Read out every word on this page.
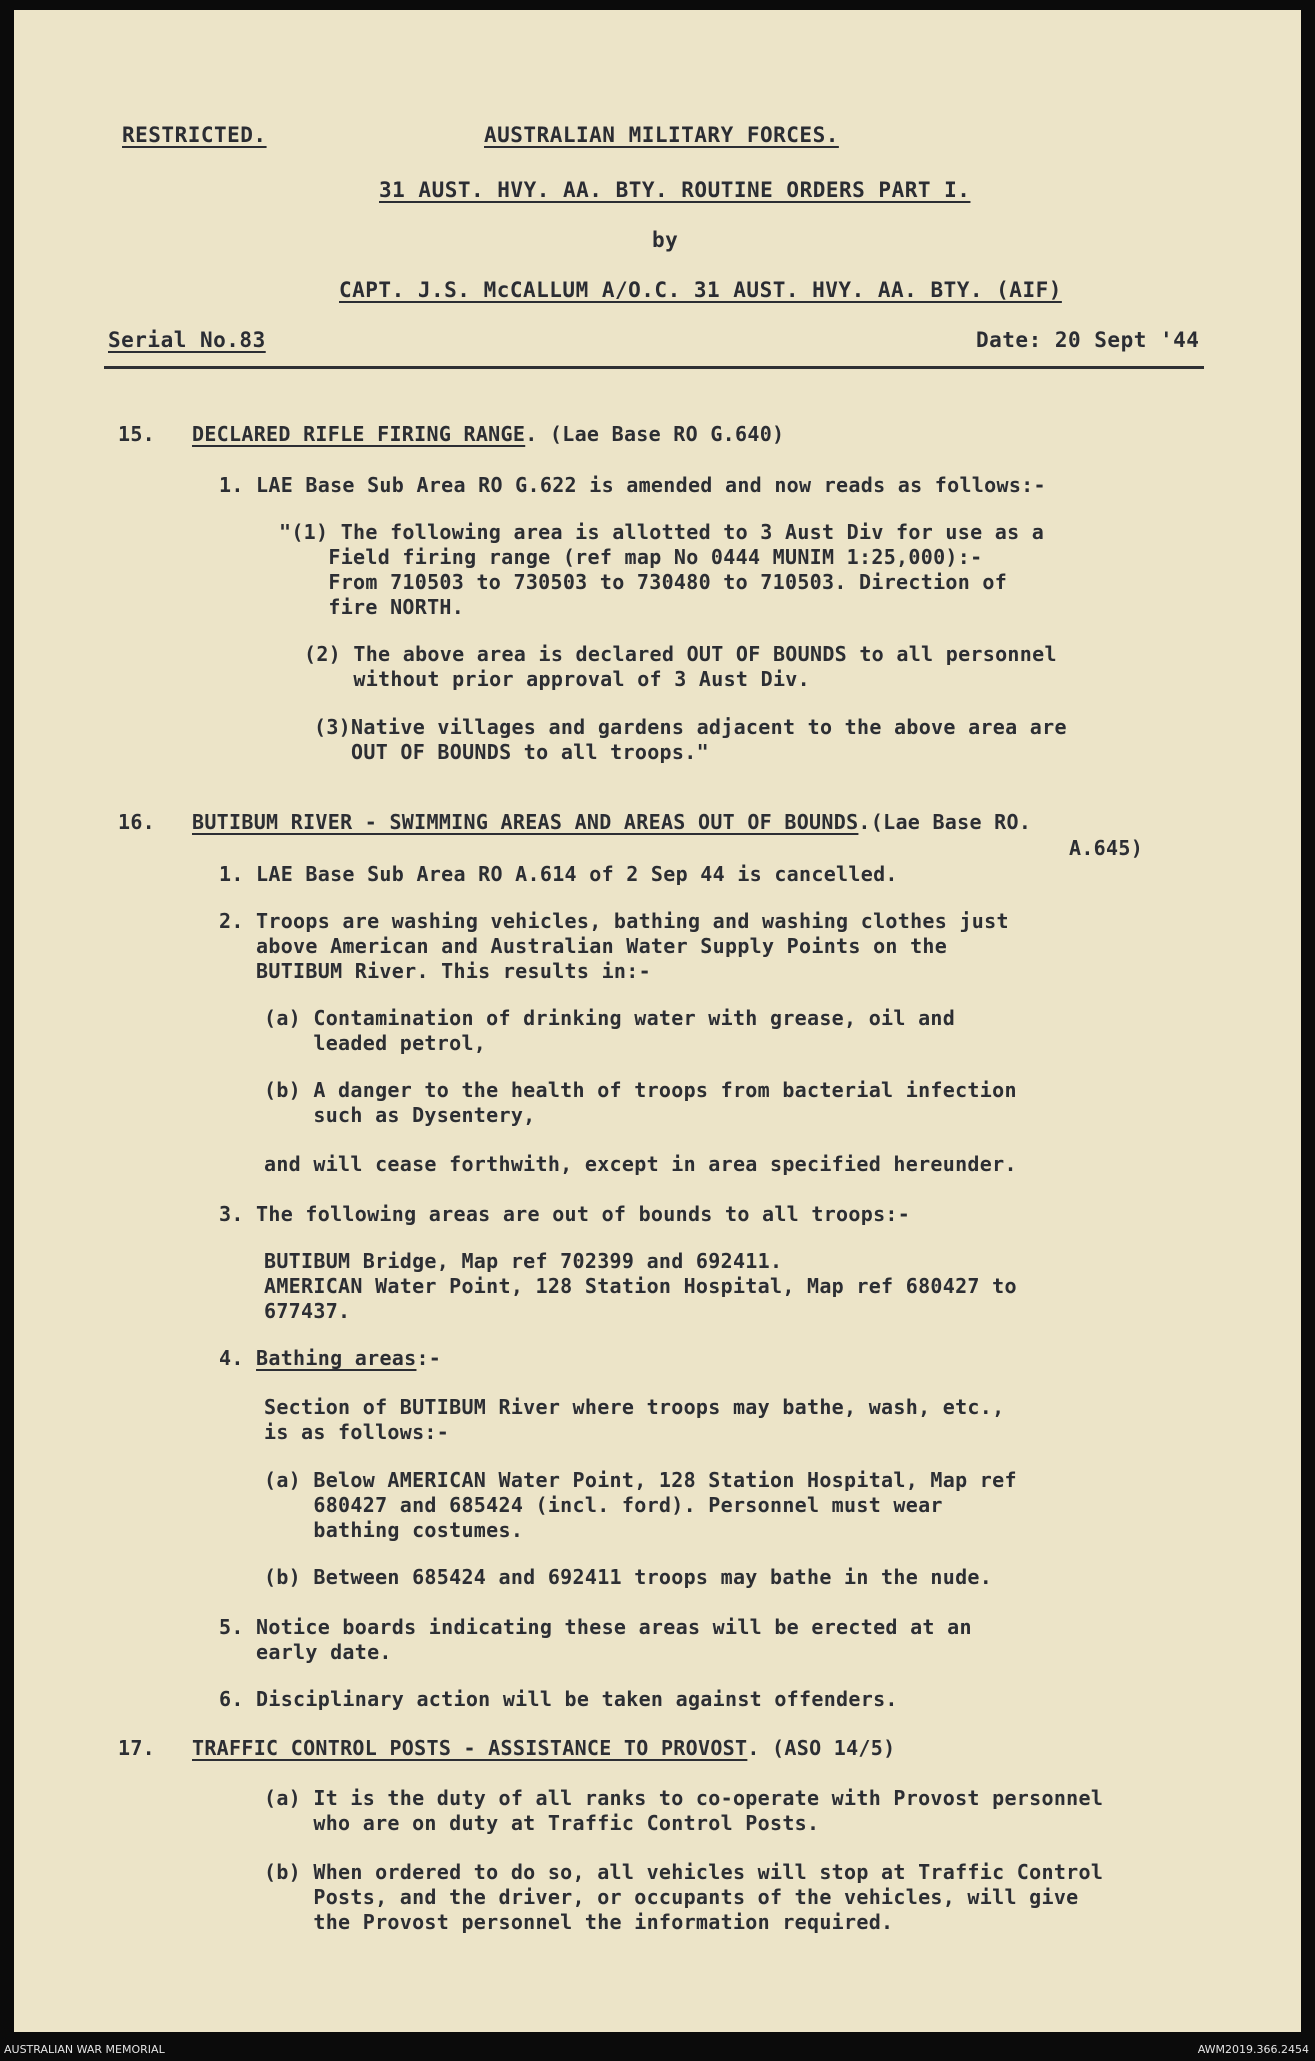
RESTRICTED.	AUSTRALIAN MILITARY FORCES.

31 AUST. HVY. AA. BTY. ROUTINE ORDERS PART I.

by

CAPT. J.S. McCALLUM A/O.C. 31 AUST. HVY. AA. BTY. (AIF)

Serial No.83	Date: 20 Sept '44

15. DECLARED RIFLE FIRING RANGE. (Lae Base RO G.640)

1. LAE Base Sub Area RO G.622 is amended and now reads as follows:-

"(1) The following area is allotted to 3 Aust Div for use as a
Field firing range (ref map No 0444 MUNIM 1:25,000):-
From 710503 to 730503 to 730480 to 710503. Direction of
fire NORTH.

(2) The above area is declared OUT OF BOUNDS to all personnel
without prior approval of 3 Aust Div.

(3)Native villages and gardens adjacent to the above area are
OUT OF BOUNDS to all troops."

16. BUTIBUM RIVER - SWIMMING AREAS AND AREAS OUT OF BOUNDS.(Lae Base RO.

A.645)

1. LAE Base Sub Area RO A.614 of 2 Sep 44 is cancelled.

2. Troops are washing vehicles, bathing and washing clothes just
above American and Australian Water Supply Points on the
BUTIBUM River. This results in:-

(a) Contamination of drinking water with grease, oil and
leaded petrol,

(b) A danger to the health of troops from bacterial infection
such as Dysentery,

and will cease forthwith, except in area specified hereunder.

3. The following areas are out of bounds to all troops:-

BUTIBUM Bridge, Map ref 702399 and 692411.
AMERICAN Water Point, 128 Station Hospital, Map ref 680427 to
677437.

4. Bathing areas:-

Section of BUTIBUM River where troops may bathe, wash, etc.,
is as follows:-

(a) Below AMERICAN Water Point, 128 Station Hospital, Map ref
680427 and 685424 (incl. ford). Personnel must wear
bathing costumes.

(b) Between 685424 and 692411 troops may bathe in the nude.

5. Notice boards indicating these areas will be erected at an
early date.

6. Disciplinary action will be taken against offenders.

17. TRAFFIC CONTROL POSTS - ASSISTANCE TO PROVOST. (ASO 14/5)

(a) It is the duty of all ranks to co-operate with Provost personnel
who are on duty at Traffic Control Posts.

(b) When ordered to do so, all vehicles will stop at Traffic Control
Posts, and the driver, or occupants of the vehicles, will give
the Provost personnel the information required.

AUSTRALIAN WAR MEMORIAL	AWM2019.366.2454
